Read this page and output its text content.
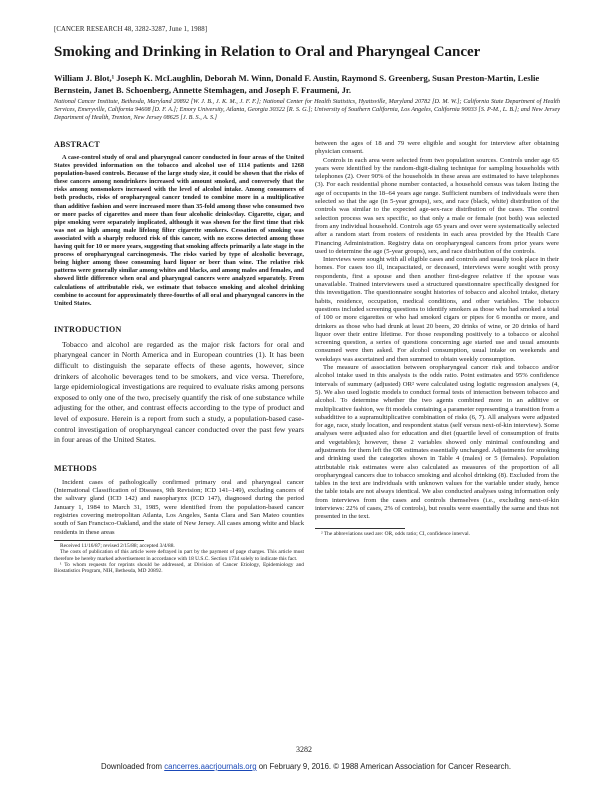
[CANCER RESEARCH 48, 3282-3287, June 1, 1988]
Smoking and Drinking in Relation to Oral and Pharyngeal Cancer
William J. Blot,¹ Joseph K. McLaughlin, Deborah M. Winn, Donald F. Austin, Raymond S. Greenberg, Susan Preston-Martin, Leslie Bernstein, Janet B. Schoenberg, Annette Stemhagen, and Joseph F. Fraumeni, Jr.
National Cancer Institute, Bethesda, Maryland 20892 [W. J. B., J. K. M., J. F. F.]; National Center for Health Statistics, Hyattsville, Maryland 20782 [D. M. W.]; California State Department of Health Services, Emeryville, California 94608 [D. F. A.]; Emory University, Atlanta, Georgia 30322 [R. S. G.]; University of Southern California, Los Angeles, California 90033 [S. P-M., L. B.]; and New Jersey Department of Health, Trenton, New Jersey 08625 [J. B. S., A. S.]
ABSTRACT

A case-control study of oral and pharyngeal cancer conducted in four areas of the United States provided information on the tobacco and alcohol use of 1114 patients and 1268 population-based controls. Because of the large study size, it could be shown that the risks of these cancers among nondrinkers increased with amount smoked, and conversely that the risks among nonsmokers increased with the level of alcohol intake. Among consumers of both products, risks of oropharyngeal cancer tended to combine more in a multiplicative than additive fashion and were increased more than 35-fold among those who consumed two or more packs of cigarettes and more than four alcoholic drinks/day. Cigarette, cigar, and pipe smoking were separately implicated, although it was shown for the first time that risk was not as high among male lifelong filter cigarette smokers. Cessation of smoking was associated with a sharply reduced risk of this cancer, with no excess detected among those having quit for 10 or more years, suggesting that smoking affects primarily a late stage in the process of oropharyngeal carcinogenesis. The risks varied by type of alcoholic beverage, being higher among those consuming hard liquor or beer than wine. The relative risk patterns were generally similar among whites and blacks, and among males and females, and showed little difference when oral and pharyngeal cancers were analyzed separately. From calculations of attributable risk, we estimate that tobacco smoking and alcohol drinking combine to account for approximately three-fourths of all oral and pharyngeal cancers in the United States.

INTRODUCTION

Tobacco and alcohol are regarded as the major risk factors for oral and pharyngeal cancer in North America and in European countries (1). It has been difficult to distinguish the separate effects of these agents, however, since drinkers of alcoholic beverages tend to be smokers, and vice versa. Therefore, large epidemiological investigations are required to evaluate risks among persons exposed to only one of the two, precisely quantify the risk of one substance while adjusting for the other, and contrast effects according to the type of product and level of exposure. Herein is a report from such a study, a population-based case-control investigation of oropharyngeal cancer conducted over the past few years in four areas of the United States.

METHODS

Incident cases of pathologically confirmed primary oral and pharyngeal cancer (International Classification of Diseases, 9th Revision; ICD 141–149), excluding cancers of the salivary gland (ICD 142) and nasopharynx (ICD 147), diagnosed during the period January 1, 1984 to March 31, 1985, were identified from the population-based cancer registries covering metropolitan Atlanta, Los Angeles, Santa Clara and San Mateo counties south of San Francisco-Oakland, and the state of New Jersey. All cases among white and black residents in these areas

Received 11/16/87; revised 2/15/88; accepted 3/4/88.

The costs of publication of this article were defrayed in part by the payment of page charges. This article must therefore be hereby marked advertisement in accordance with 18 U.S.C. Section 1734 solely to indicate this fact.

¹ To whom requests for reprints should be addressed, at Division of Cancer Etiology, Epidemiology and Biostatistics Program, NIH, Bethesda, MD 20892.

between the ages of 18 and 79 were eligible and sought for interview after obtaining physician consent.

Controls in each area were selected from two population sources. Controls under age 65 years were identified by the random-digit-dialing technique for sampling households with telephones (2). Over 90% of the households in these areas are estimated to have telephones (3). For each residential phone number contacted, a household census was taken listing the age of occupants in the 18–64 years age range. Sufficient numbers of individuals were then selected so that the age (in 5-year groups), sex, and race (black, white) distribution of the controls was similar to the expected age-sex-race distribution of the cases. The control selection process was sex specific, so that only a male or female (not both) was selected from any individual household. Controls age 65 years and over were systematically selected after a random start from rosters of residents in each area provided by the Health Care Financing Administration. Registry data on oropharyngeal cancers from prior years were used to determine the age (5-year groups), sex, and race distribution of the controls.

Interviews were sought with all eligible cases and controls and usually took place in their homes. For cases too ill, incapacitated, or deceased, interviews were sought with proxy respondents, first a spouse and then another first-degree relative if the spouse was unavailable. Trained interviewers used a structured questionnaire specifically designed for this investigation. The questionnaire sought histories of tobacco and alcohol intake, dietary habits, residence, occupation, medical conditions, and other variables. The tobacco questions included screening questions to identify smokers as those who had smoked a total of 100 or more cigarettes or who had smoked cigars or pipes for 6 months or more, and drinkers as those who had drunk at least 20 beers, 20 drinks of wine, or 20 drinks of hard liquor over their entire lifetime. For those responding positively to a tobacco or alcohol screening question, a series of questions concerning age started use and usual amounts consumed were then asked. For alcohol consumption, usual intake on weekends and weekdays was ascertained and then summed to obtain weekly consumption.

The measure of association between oropharyngeal cancer risk and tobacco and/or alcohol intake used in this analysis is the odds ratio. Point estimates and 95% confidence intervals of summary (adjusted) OR² were calculated using logistic regression analyses (4, 5). We also used logistic models to conduct formal tests of interaction between tobacco and alcohol. To determine whether the two agents combined more in an additive or multiplicative fashion, we fit models containing a parameter representing a transition from a subadditive to a supramultiplicative combination of risks (6, 7). All analyses were adjusted for age, race, study location, and respondent status (self versus next-of-kin interview). Some analyses were adjusted also for education and diet (quartile level of consumption of fruits and vegetables); however, these 2 variables showed only minimal confounding and adjustments for them left the OR estimates essentially unchanged. Adjustments for smoking and drinking used the categories shown in Table 4 (males) or 5 (females). Population attributable risk estimates were also calculated as measures of the proportion of all oropharyngeal cancers due to tobacco smoking and alcohol drinking (8). Excluded from the tables in the text are individuals with unknown values for the variable under study, hence the table totals are not always identical. We also conducted analyses using information only from interviews from the cases and controls themselves (i.e., excluding next-of-kin interviews: 22% of cases, 2% of controls), but results were essentially the same and thus not presented in the text.

² The abbreviations used are: OR, odds ratio; CI, confidence interval.

3282
Downloaded from cancerres.aacrjournals.org on February 9, 2016. © 1988 American Association for Cancer Research.
